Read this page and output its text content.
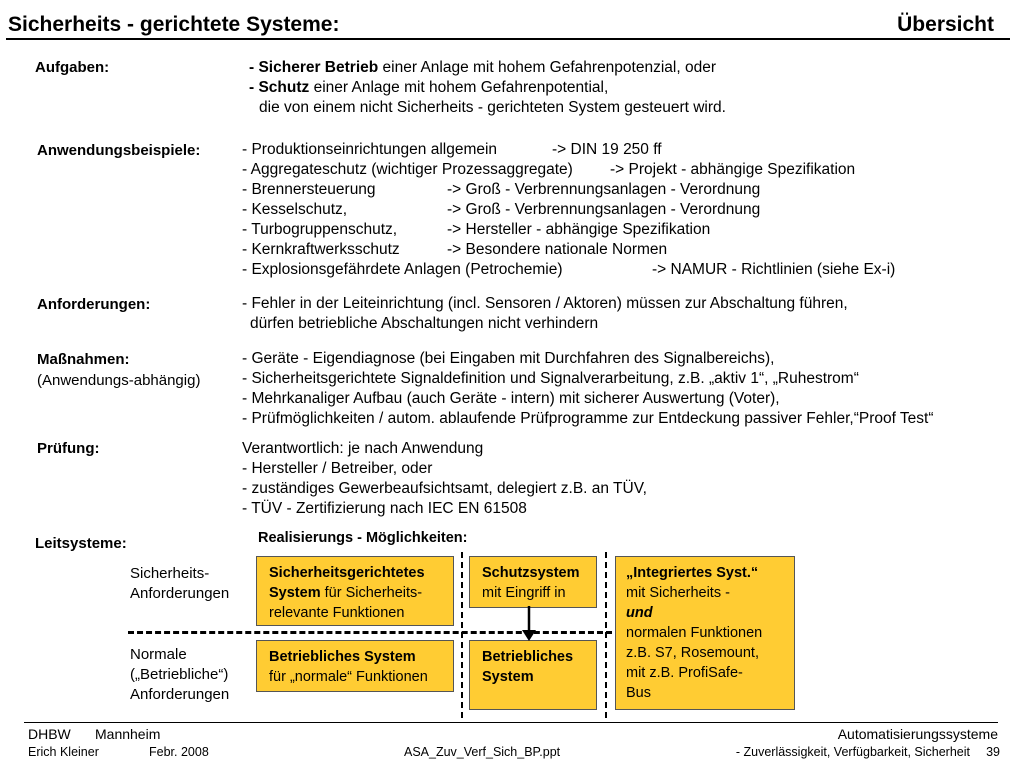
Sicherheits - gerichtete Systeme:	Übersicht
Aufgaben:	- Sicherer Betrieb einer Anlage mit hohem Gefahrenpotenzial, oder
- Schutz einer Anlage mit hohem Gefahrenpotential,
die von einem nicht Sicherheits - gerichteten System gesteuert wird.
Anwendungsbeispiele:	- Produktionseinrichtungen allgemein	-> DIN 19 250 ff
- Aggregateschutz (wichtiger Prozessaggregate) -> Projekt - abhängige Spezifikation
- Brennersteuerung	-> Groß - Verbrennungsanlagen - Verordnung
- Kesselschutz,	-> Groß - Verbrennungsanlagen - Verordnung
- Turbogruppenschutz,	-> Hersteller - abhängige Spezifikation
- Kernkraftwerksschutz	-> Besondere nationale Normen
- Explosionsgefährdete Anlagen (Petrochemie)	-> NAMUR - Richtlinien (siehe Ex-i)
Anforderungen:	- Fehler in der Leiteinrichtung (incl. Sensoren / Aktoren) müssen zur Abschaltung führen,
dürfen betriebliche Abschaltungen nicht verhindern
Maßnahmen:
(Anwendungs-abhängig)
- Geräte - Eigendiagnose (bei Eingaben mit Durchfahren des Signalbereichs),
- Sicherheitsgerichtete Signaldefinition und Signalverarbeitung, z.B. „aktiv 1“, „Ruhestrom“
- Mehrkanaliger Aufbau (auch Geräte - intern) mit sicherer Auswertung (Voter),
- Prüfmöglichkeiten / autom. ablaufende Prüfprogramme zur Entdeckung passiver Fehler,“Proof Test“
Prüfung:	Verantwortlich: je nach Anwendung
- Hersteller / Betreiber, oder
- zuständiges Gewerbeaufsichtsamt, delegiert z.B. an TÜV,
- TÜV - Zertifizierung nach IEC EN 61508
Leitsysteme:	Realisierungs - Möglichkeiten:
Sicherheits-
Anforderungen
Normale
(„Betriebliche“)
Anforderungen
Sicherheitsgerichtetes
System für Sicherheits-
relevante Funktionen
Schutzsystem
mit Eingriff in
„Integriertes Syst.“
mit Sicherheits -
und
normalen Funktionen
z.B. S7, Rosemount,
mit z.B. ProfiSafe-
Bus
Betriebliches System
für „normale“ Funktionen
Betriebliches
System
DHBW Mannheim
Erich Kleiner	Febr. 2008	ASA_Zuv_Verf_Sich_BP.ppt
Automatisierungssysteme
- Zuverlässigkeit, Verfügbarkeit, Sicherheit 39
